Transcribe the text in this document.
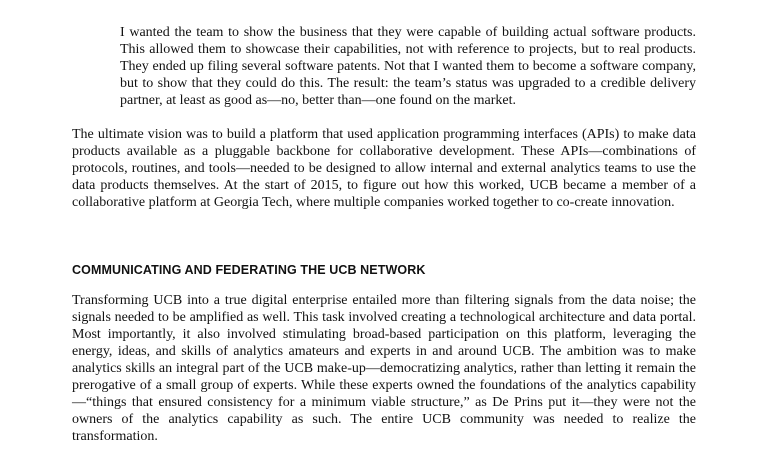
I wanted the team to show the business that they were capable of building actual software products. This allowed them to showcase their capabilities, not with reference to projects, but to real products. They ended up filing several software patents. Not that I wanted them to become a software company, but to show that they could do this. The result: the team’s status was upgraded to a credible delivery partner, at least as good as—no, better than—one found on the market.

The ultimate vision was to build a platform that used application programming interfaces (APIs) to make data products available as a pluggable backbone for collaborative development. These APIs—combinations of protocols, routines, and tools—needed to be designed to allow internal and external analytics teams to use the data products themselves. At the start of 2015, to figure out how this worked, UCB became a member of a collaborative platform at Georgia Tech, where multiple companies worked together to co-create innovation.

COMMUNICATING AND FEDERATING THE UCB NETWORK

Transforming UCB into a true digital enterprise entailed more than filtering signals from the data noise; the signals needed to be amplified as well. This task involved creating a technological architecture and data portal. Most importantly, it also involved stimulating broad-based participation on this platform, leveraging the energy, ideas, and skills of analytics amateurs and experts in and around UCB. The ambition was to make analytics skills an integral part of the UCB make-up—democratizing analytics, rather than letting it remain the prerogative of a small group of experts. While these experts owned the foundations of the analytics capability—“things that ensured consistency for a minimum viable structure,” as De Prins put it—they were not the owners of the analytics capability as such. The entire UCB community was needed to realize the transformation.
